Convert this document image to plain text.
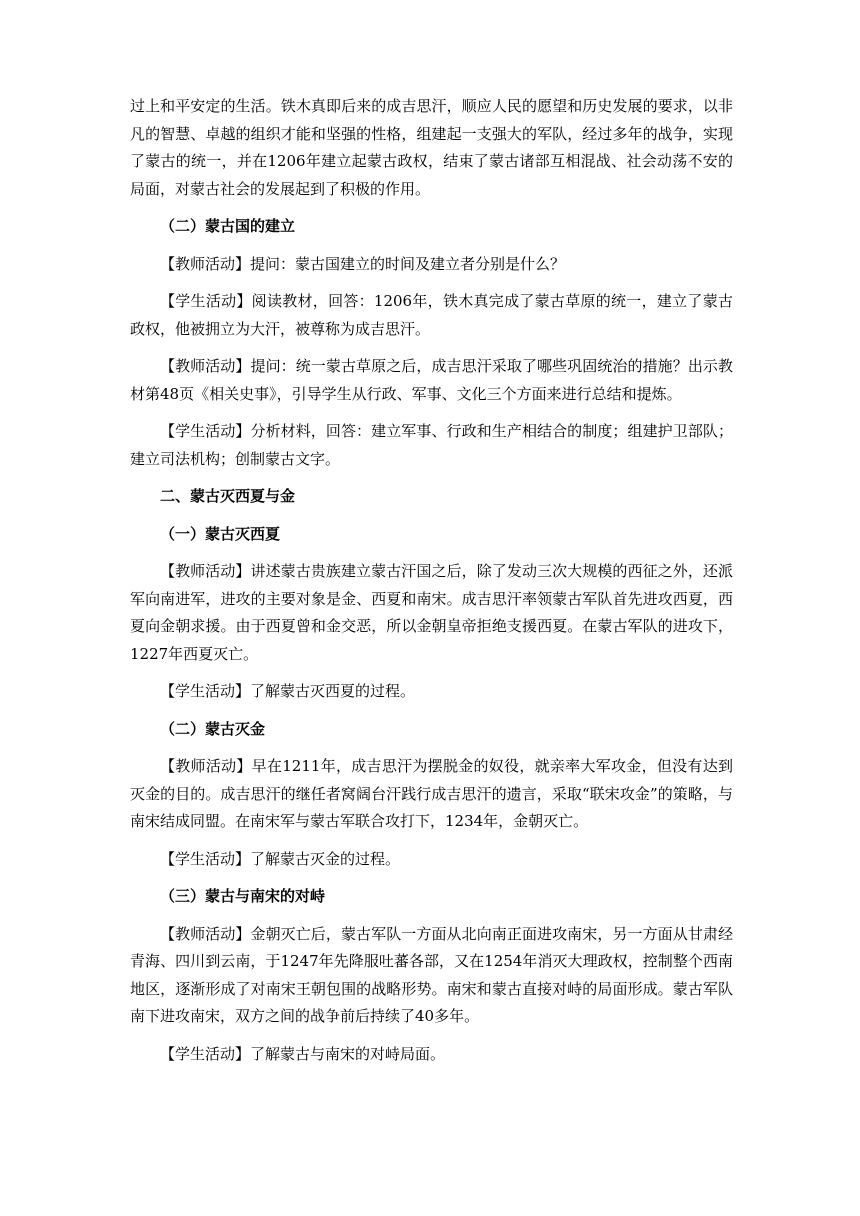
过上和平安定的生活。铁木真即后来的成吉思汗，顺应人民的愿望和历史发展的要求，以非凡的智慧、卓越的组织才能和坚强的性格，组建起一支强大的军队，经过多年的战争，实现了蒙古的统一，并在1206年建立起蒙古政权，结束了蒙古诸部互相混战、社会动荡不安的局面，对蒙古社会的发展起到了积极的作用。

（二）蒙古国的建立

【教师活动】提问：蒙古国建立的时间及建立者分别是什么？

【学生活动】阅读教材，回答：1206年，铁木真完成了蒙古草原的统一，建立了蒙古政权，他被拥立为大汗，被尊称为成吉思汗。

【教师活动】提问：统一蒙古草原之后，成吉思汗采取了哪些巩固统治的措施？出示教材第48页《相关史事》，引导学生从行政、军事、文化三个方面来进行总结和提炼。

【学生活动】分析材料，回答：建立军事、行政和生产相结合的制度；组建护卫部队；建立司法机构；创制蒙古文字。

二、蒙古灭西夏与金

（一）蒙古灭西夏

【教师活动】讲述蒙古贵族建立蒙古汗国之后，除了发动三次大规模的西征之外，还派军向南进军，进攻的主要对象是金、西夏和南宋。成吉思汗率领蒙古军队首先进攻西夏，西夏向金朝求援。由于西夏曾和金交恶，所以金朝皇帝拒绝支援西夏。在蒙古军队的进攻下，1227年西夏灭亡。

【学生活动】了解蒙古灭西夏的过程。

（二）蒙古灭金

【教师活动】早在1211年，成吉思汗为摆脱金的奴役，就亲率大军攻金，但没有达到灭金的目的。成吉思汗的继任者窝阔台汗践行成吉思汗的遗言，采取“联宋攻金”的策略，与南宋结成同盟。在南宋军与蒙古军联合攻打下，1234年，金朝灭亡。

【学生活动】了解蒙古灭金的过程。

（三）蒙古与南宋的对峙

【教师活动】金朝灭亡后，蒙古军队一方面从北向南正面进攻南宋，另一方面从甘肃经青海、四川到云南，于1247年先降服吐蕃各部，又在1254年消灭大理政权，控制整个西南地区，逐渐形成了对南宋王朝包围的战略形势。南宋和蒙古直接对峙的局面形成。蒙古军队南下进攻南宋，双方之间的战争前后持续了40多年。

【学生活动】了解蒙古与南宋的对峙局面。
